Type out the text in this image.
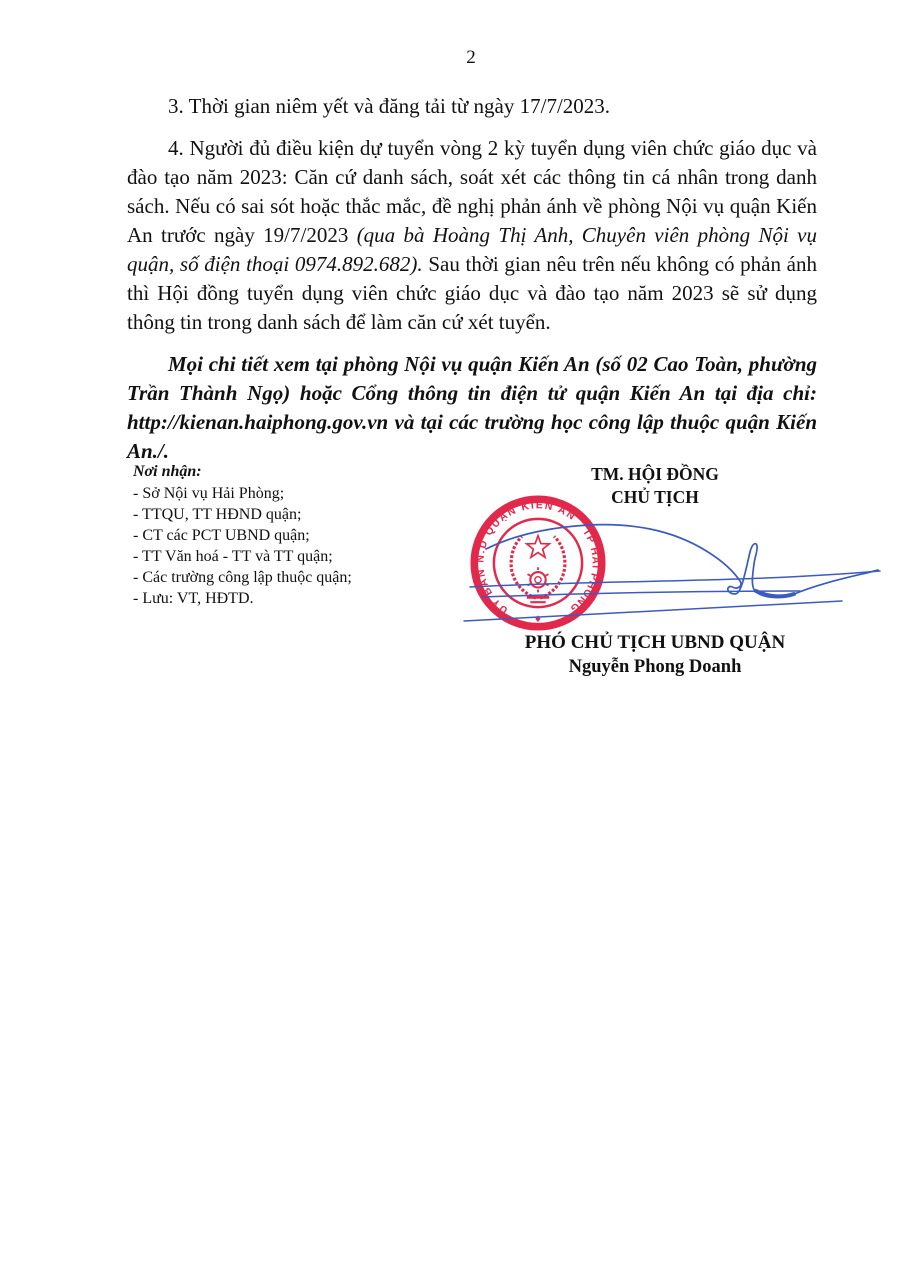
2

3. Thời gian niêm yết và đăng tải từ ngày 17/7/2023.

4. Người đủ điều kiện dự tuyển vòng 2 kỳ tuyển dụng viên chức giáo dục và đào tạo năm 2023: Căn cứ danh sách, soát xét các thông tin cá nhân trong danh sách. Nếu có sai sót hoặc thắc mắc, đề nghị phản ánh về phòng Nội vụ quận Kiến An trước ngày 19/7/2023 (qua bà Hoàng Thị Anh, Chuyên viên phòng Nội vụ quận, số điện thoại 0974.892.682). Sau thời gian nêu trên nếu không có phản ánh thì Hội đồng tuyển dụng viên chức giáo dục và đào tạo năm 2023 sẽ sử dụng thông tin trong danh sách để làm căn cứ xét tuyển.

Mọi chi tiết xem tại phòng Nội vụ quận Kiến An (số 02 Cao Toàn, phường Trần Thành Ngọ) hoặc Cổng thông tin điện tử quận Kiến An tại địa chỉ: http://kienan.haiphong.gov.vn và tại các trường học công lập thuộc quận Kiến An./.

Nơi nhận:
- Sở Nội vụ Hải Phòng;
- TTQU, TT HĐND quận;
- CT các PCT UBND quận;
- TT Văn hoá - TT và TT quận;
- Các trường công lập thuộc quận;
- Lưu: VT, HĐTD.
TM. HỘI ĐỒNG
CHỦ TỊCH
ỦY BAN N.D QUẬN KIẾN AN TP HẢI PHÒNG
♦
PHÓ CHỦ TỊCH UBND QUẬN
Nguyễn Phong Doanh
